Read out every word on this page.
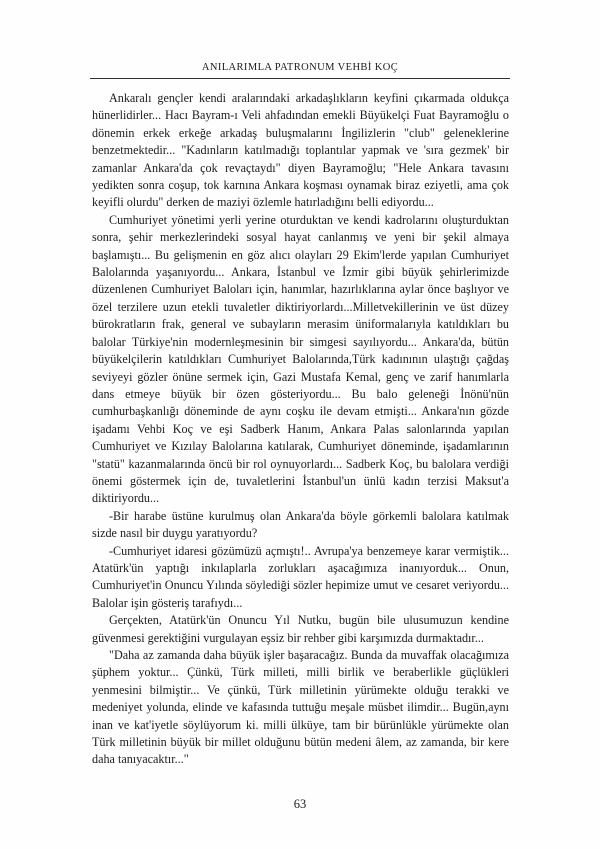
ANILARIMLA PATRONUM VEHBİ KOÇ

Ankaralı gençler kendi aralarındaki arkadaşlıkların keyfini çıkarmada oldukça hünerlidirler... Hacı Bayram-ı Veli ahfadından emekli Büyükelçi Fuat Bayramoğlu o dönemin erkek erkeğe arkadaş buluşmalarını İngilizlerin "club" geleneklerine benzetmektedir... "Kadınların katılmadığı toplantılar yapmak ve 'sıra gezmek' bir zamanlar Ankara'da çok revaçtaydı" diyen Bayramoğlu; "Hele Ankara tavasını yedikten sonra coşup, tok karnına Ankara koşması oynamak biraz eziyetli, ama çok keyifli olurdu" derken de maziyi özlemle hatırladığını belli ediyordu...

Cumhuriyet yönetimi yerli yerine oturduktan ve kendi kadrolarını oluşturduktan sonra, şehir merkezlerindeki sosyal hayat canlanmış ve yeni bir şekil almaya başlamıştı... Bu gelişmenin en göz alıcı olayları 29 Ekim'lerde yapılan Cumhuriyet Balolarında yaşanıyordu... Ankara, İstanbul ve İzmir gibi büyük şehirlerimizde düzenlenen Cumhuriyet Baloları için, hanımlar, hazırlıklarına aylar önce başlıyor ve özel terzilere uzun etekli tuvaletler diktiriyorlardı...Milletvekillerinin ve üst düzey bürokratların frak, general ve subayların merasim üniformalarıyla katıldıkları bu balolar Türkiye'nin modernleşmesinin bir simgesi sayılıyordu... Ankara'da, bütün büyükelçilerin katıldıkları Cumhuriyet Balolarında,Türk kadınının ulaştığı çağdaş seviyeyi gözler önüne sermek için, Gazi Mustafa Kemal, genç ve zarif hanımlarla dans etmeye büyük bir özen gösteriyordu... Bu balo geleneği İnönü'nün cumhurbaşkanlığı döneminde de aynı coşku ile devam etmişti... Ankara'nın gözde işadamı Vehbi Koç ve eşi Sadberk Hanım, Ankara Palas salonlarında yapılan Cumhuriyet ve Kızılay Balolarına katılarak, Cumhuriyet döneminde, işadamlarının "statü" kazanmalarında öncü bir rol oynuyorlardı... Sadberk Koç, bu balolara verdiği önemi göstermek için de, tuvaletlerini İstanbul'un ünlü kadın terzisi Maksut'a diktiriyordu...

-Bir harabe üstüne kurulmuş olan Ankara'da böyle görkemli balolara katılmak sizde nasıl bir duygu yaratıyordu?

-Cumhuriyet idaresi gözümüzü açmıştı!.. Avrupa'ya benzemeye karar vermiştik... Atatürk'ün yaptığı inkılaplarla zorlukları aşacağımıza inanıyorduk... Onun, Cumhuriyet'in Onuncu Yılında söylediği sözler hepimize umut ve cesaret veriyordu... Balolar işin gösteriş tarafıydı...

Gerçekten, Atatürk'ün Onuncu Yıl Nutku, bugün bile ulusumuzun kendine güvenmesi gerektiğini vurgulayan eşsiz bir rehber gibi karşımızda durmaktadır...

"Daha az zamanda daha büyük işler başaracağız. Bunda da muvaffak olacağımıza şüphem yoktur... Çünkü, Türk milleti, milli birlik ve beraberlikle güçlükleri yenmesini bilmiştir... Ve çünkü, Türk milletinin yürümekte olduğu terakki ve medeniyet yolunda, elinde ve kafasında tuttuğu meşale müsbet ilimdir... Bugün,aynı inan ve kat'iyetle söylüyorum ki. milli ülküye, tam bir bürünlükle yürümekte olan Türk milletinin büyük bir millet olduğunu bütün medeni âlem, az zamanda, bir kere daha tanıyacaktır..."

63
